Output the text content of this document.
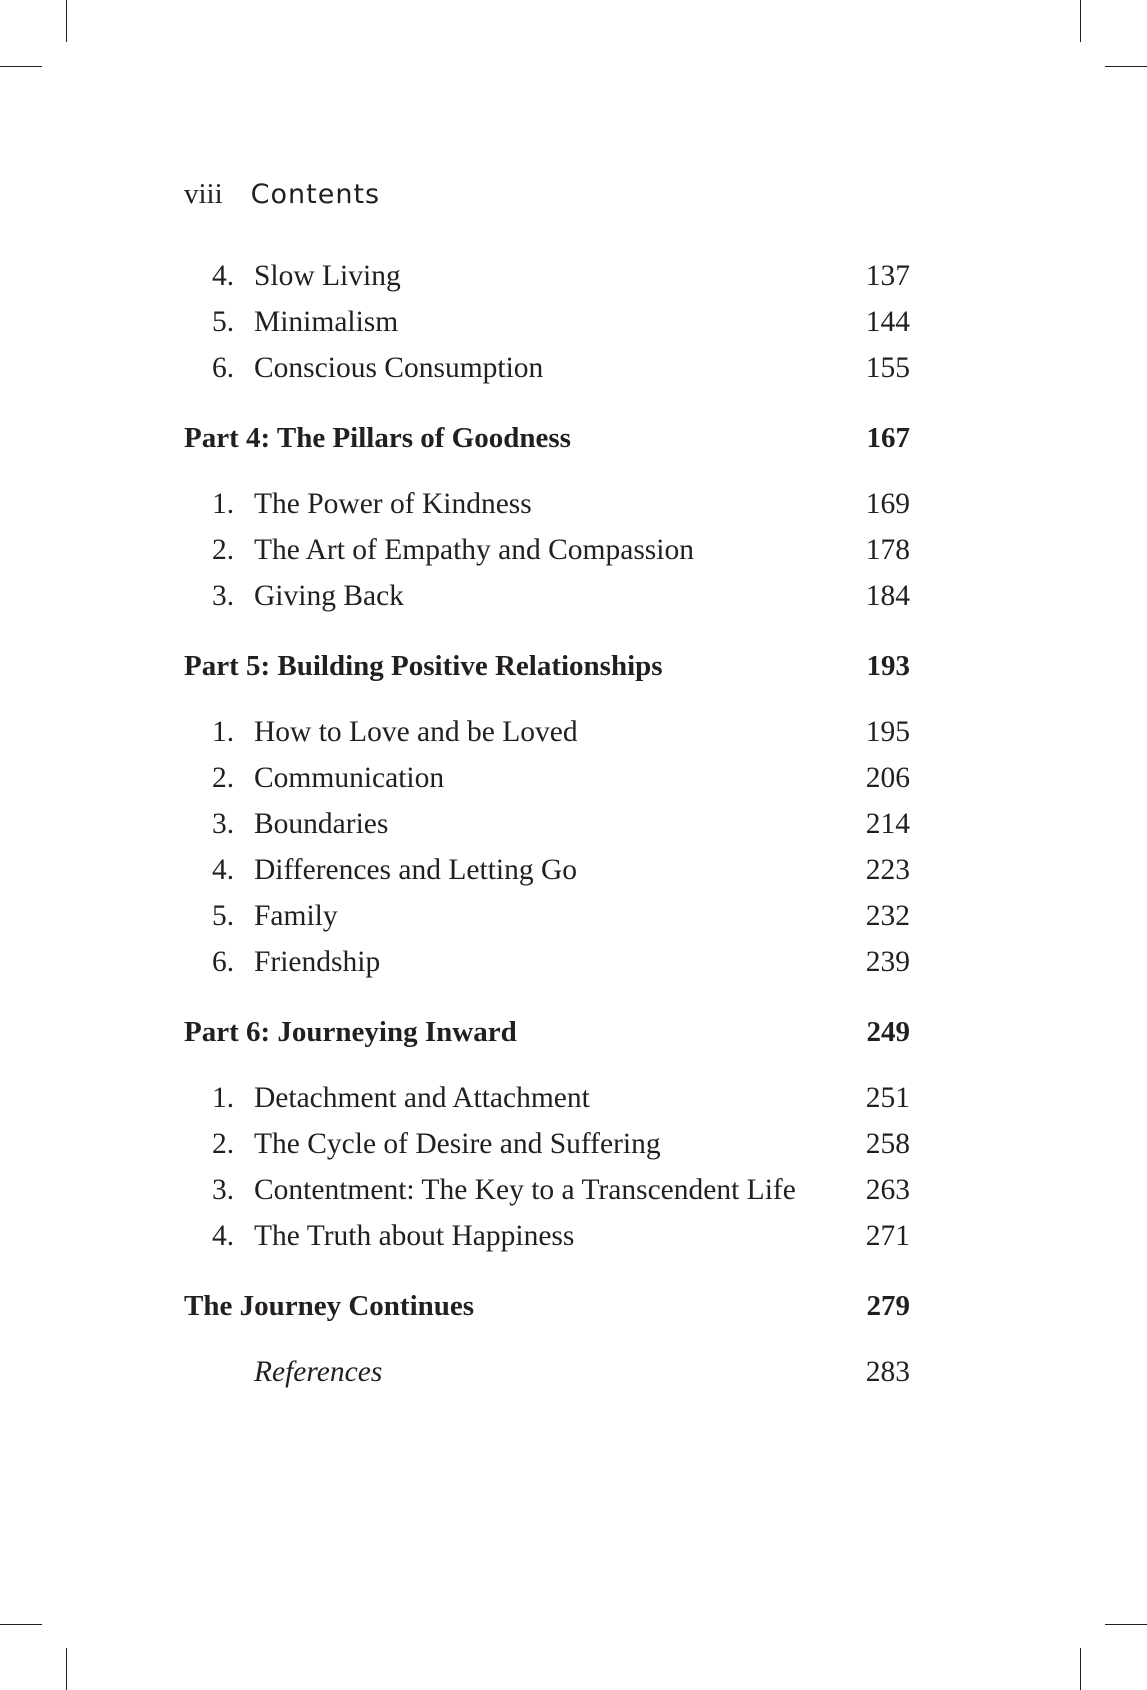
viii Contents
4. Slow Living	137
5. Minimalism	144
6. Conscious Consumption	155
Part 4: The Pillars of Goodness	167
1. The Power of Kindness	169
2. The Art of Empathy and Compassion	178
3. Giving Back	184
Part 5: Building Positive Relationships	193
1. How to Love and be Loved	195
2. Communication	206
3. Boundaries	214
4. Differences and Letting Go	223
5. Family	232
6. Friendship	239
Part 6: Journeying Inward	249
1. Detachment and Attachment	251
2. The Cycle of Desire and Suffering	258
3. Contentment: The Key to a Transcendent Life 263
4. The Truth about Happiness	271
The Journey Continues	279
References	283
